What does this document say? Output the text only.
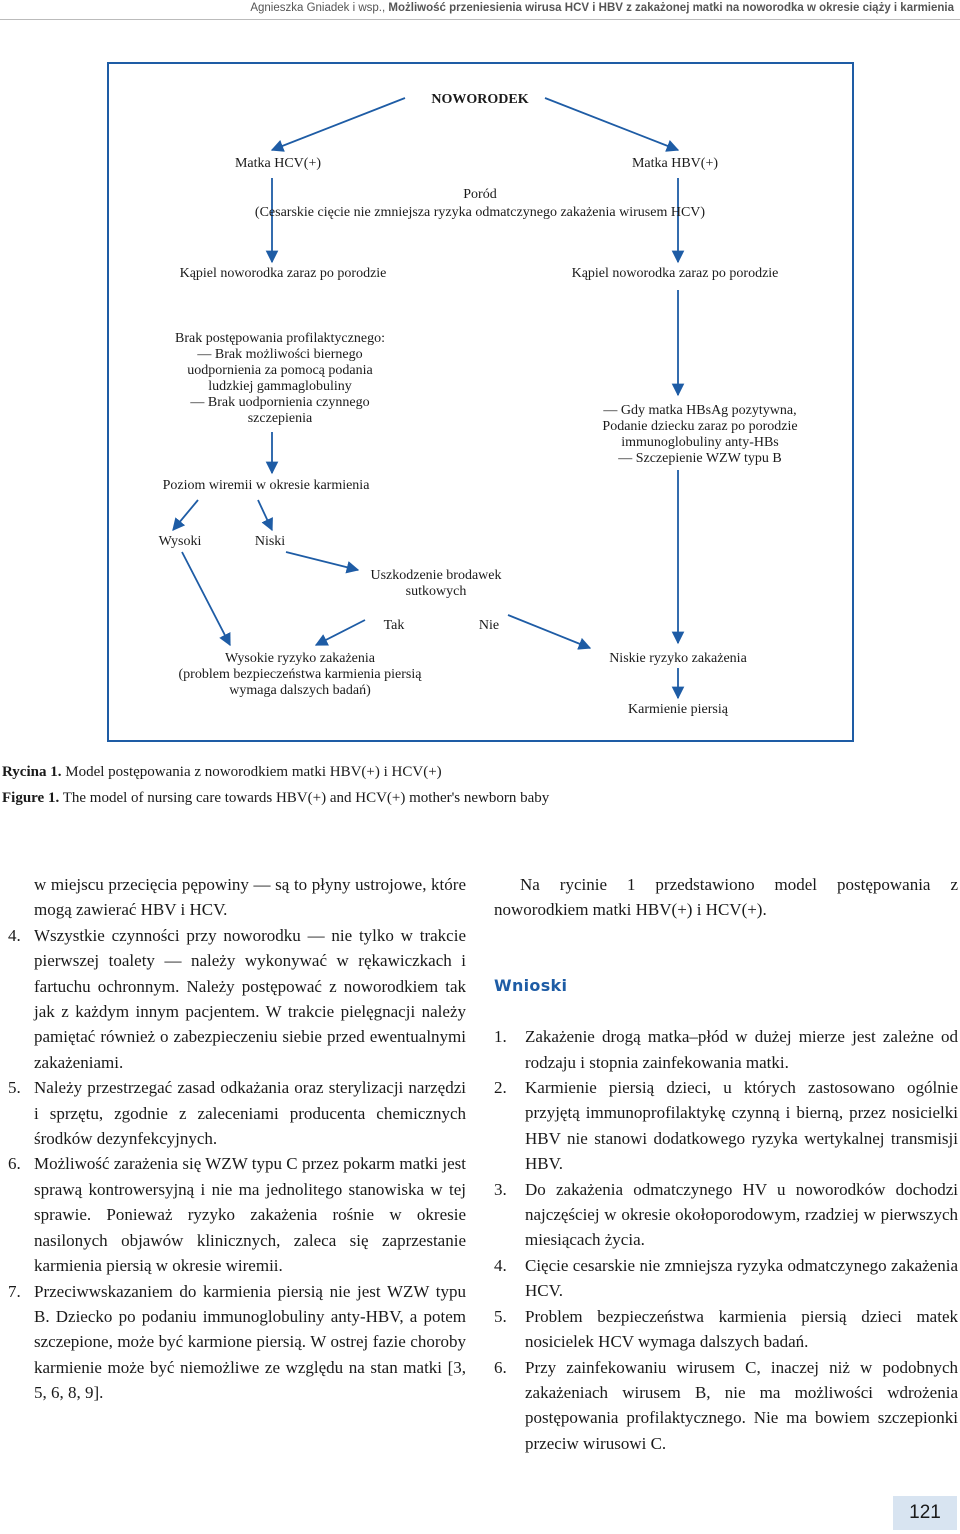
Agnieszka Gniadek i wsp., Możliwość przeniesienia wirusa HCV i HBV z zakażonej matki na noworodka w okresie ciąży i karmienia
NOWORODEK
Matka HCV(+)	Matka HBV(+)
Poród
(Cesarskie cięcie nie zmniejsza ryzyka odmatczynego zakażenia wirusem HCV)
Kąpiel noworodka zaraz po porodzie	Kąpiel noworodka zaraz po porodzie
Brak postępowania profilaktycznego:
— Brak możliwości biernego
uodpornienia za pomocą podania
ludzkiej gammaglobuliny
— Brak uodpornienia czynnego
szczepienia
— Gdy matka HBsAg pozytywna,
Podanie dziecku zaraz po porodzie
immunoglobuliny anty-HBs
— Szczepienie WZW typu B
Poziom wiremii w okresie karmienia
Wysoki	Niski
Uszkodzenie brodawek
sutkowych
Tak	Nie
Wysokie ryzyko zakażenia
(problem bezpieczeństwa karmienia piersią
wymaga dalszych badań)
Niskie ryzyko zakażenia
Karmienie piersią
Rycina 1. Model postępowania z noworodkiem matki HBV(+) i HCV(+)
Figure 1. The model of nursing care towards HBV(+) and HCV(+) mother's newborn baby

w miejscu przecięcia pępowiny — są to płyny ustrojowe, które mogą zawierać HBV i HCV.

4. Wszystkie czynności przy noworodku — nie tylko w trakcie pierwszej toalety — należy wykonywać w rękawiczkach i fartuchu ochronnym. Należy postępować z noworodkiem tak jak z każdym innym pacjentem. W trakcie pielęgnacji należy pamiętać również o zabezpieczeniu siebie przed ewentualnymi zakażeniami.
5. Należy przestrzegać zasad odkażania oraz sterylizacji narzędzi i sprzętu, zgodnie z zaleceniami producenta chemicznych środków dezynfekcyjnych.
6. Możliwość zarażenia się WZW typu C przez pokarm matki jest sprawą kontrowersyjną i nie ma jednolitego stanowiska w tej sprawie. Ponieważ ryzyko zakażenia rośnie w okresie nasilonych objawów klinicznych, zaleca się zaprzestanie karmienia piersią w okresie wiremii.
7. Przeciwwskazaniem do karmienia piersią nie jest WZW typu B. Dziecko po podaniu immunoglobuliny anty-HBV, a potem szczepione, może być karmione piersią. W ostrej fazie choroby karmienie może być niemożliwe ze względu na stan matki [3, 5, 6, 8, 9].

Na rycinie 1 przedstawiono model postępowania z noworodkiem matki HBV(+) i HCV(+).

Wnioski
1. Zakażenie drogą matka–płód w dużej mierze jest zależne od rodzaju i stopnia zainfekowania matki.
2. Karmienie piersią dzieci, u których zastosowano ogólnie przyjętą immunoprofilaktykę czynną i bierną, przez nosicielki HBV nie stanowi dodatkowego ryzyka wertykalnej transmisji HBV.
3. Do zakażenia odmatczynego HV u noworodków dochodzi najczęściej w okresie okołoporodowym, rzadziej w pierwszych miesiącach życia.
4. Cięcie cesarskie nie zmniejsza ryzyka odmatczynego zakażenia HCV.
5. Problem bezpieczeństwa karmienia piersią dzieci matek nosicielek HCV wymaga dalszych badań.
6. Przy zainfekowaniu wirusem C, inaczej niż w podobnych zakażeniach wirusem B, nie ma możliwości wdrożenia postępowania profilaktycznego. Nie ma bowiem szczepionki przeciw wirusowi C.
121
